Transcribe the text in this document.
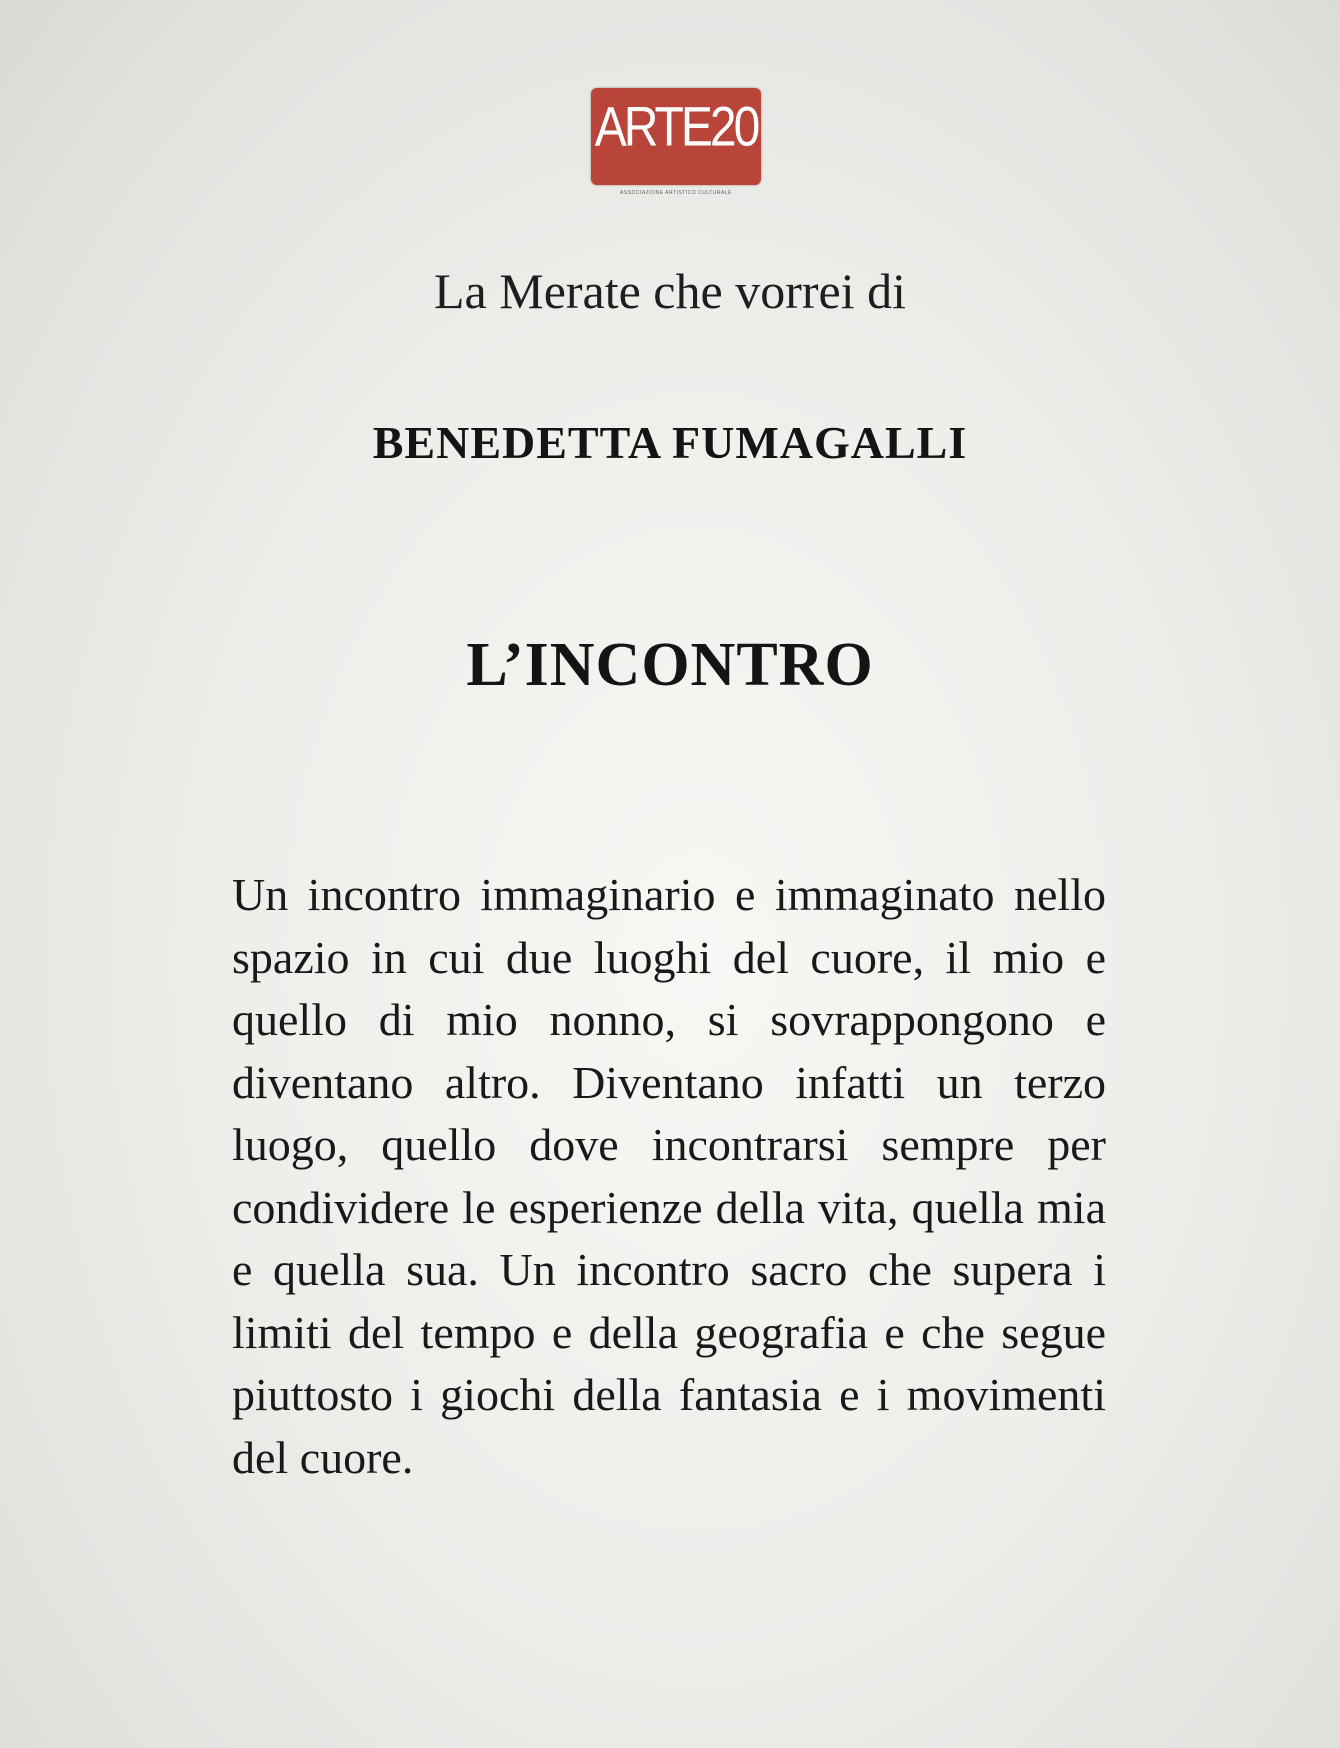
ARTE20
ASSOCIAZIONE ARTISTICO CULTURALE
La Merate che vorrei di
BENEDETTA FUMAGALLI
L’INCONTRO
Un incontro immaginario e immaginato nello spazio in cui due luoghi del cuore, il mio e quello di mio nonno, si sovrappongono e diventano altro. Diventano infatti un terzo luogo, quello dove incontrarsi sempre per condividere le esperienze della vita, quella mia e quella sua. Un incontro sacro che supera i limiti del tempo e della geografia e che segue piuttosto i giochi della fantasia e i movimenti del cuore.
